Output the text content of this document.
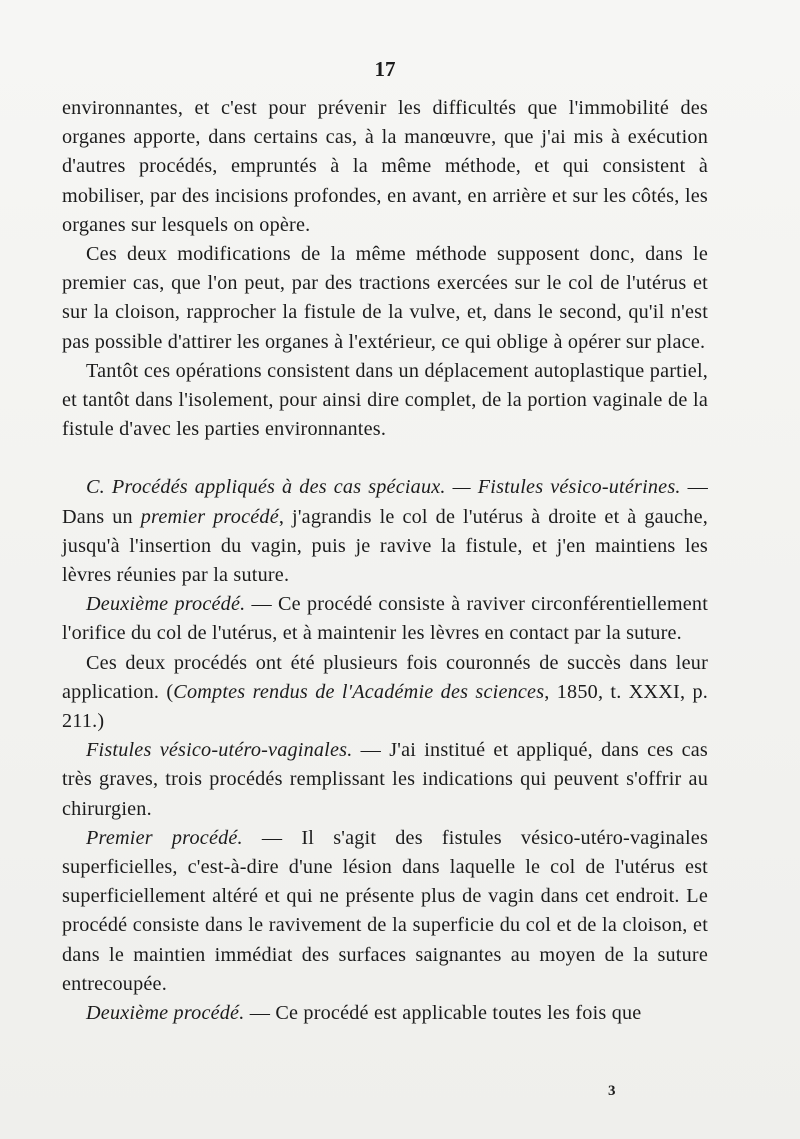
17

environnantes, et c'est pour prévenir les difficultés que l'immobilité des organes apporte, dans certains cas, à la manœuvre, que j'ai mis à exécution d'autres procédés, empruntés à la même méthode, et qui consistent à mobiliser, par des incisions profondes, en avant, en arrière et sur les côtés, les organes sur lesquels on opère.

Ces deux modifications de la même méthode supposent donc, dans le premier cas, que l'on peut, par des tractions exercées sur le col de l'utérus et sur la cloison, rapprocher la fistule de la vulve, et, dans le second, qu'il n'est pas possible d'attirer les organes à l'extérieur, ce qui oblige à opérer sur place.

Tantôt ces opérations consistent dans un déplacement autoplastique partiel, et tantôt dans l'isolement, pour ainsi dire complet, de la portion vaginale de la fistule d'avec les parties environnantes.

C. Procédés appliqués à des cas spéciaux. — Fistules vésico-utérines. — Dans un premier procédé, j'agrandis le col de l'utérus à droite et à gauche, jusqu'à l'insertion du vagin, puis je ravive la fistule, et j'en maintiens les lèvres réunies par la suture.

Deuxième procédé. — Ce procédé consiste à raviver circonférentiellement l'orifice du col de l'utérus, et à maintenir les lèvres en contact par la suture.

Ces deux procédés ont été plusieurs fois couronnés de succès dans leur application. (Comptes rendus de l'Académie des sciences, 1850, t. XXXI, p. 211.)

Fistules vésico-utéro-vaginales. — J'ai institué et appliqué, dans ces cas très graves, trois procédés remplissant les indications qui peuvent s'offrir au chirurgien.

Premier procédé. — Il s'agit des fistules vésico-utéro-vaginales superficielles, c'est-à-dire d'une lésion dans laquelle le col de l'utérus est superficiellement altéré et qui ne présente plus de vagin dans cet endroit. Le procédé consiste dans le ravivement de la superficie du col et de la cloison, et dans le maintien immédiat des surfaces saignantes au moyen de la suture entrecoupée.

Deuxième procédé. — Ce procédé est applicable toutes les fois que

3
